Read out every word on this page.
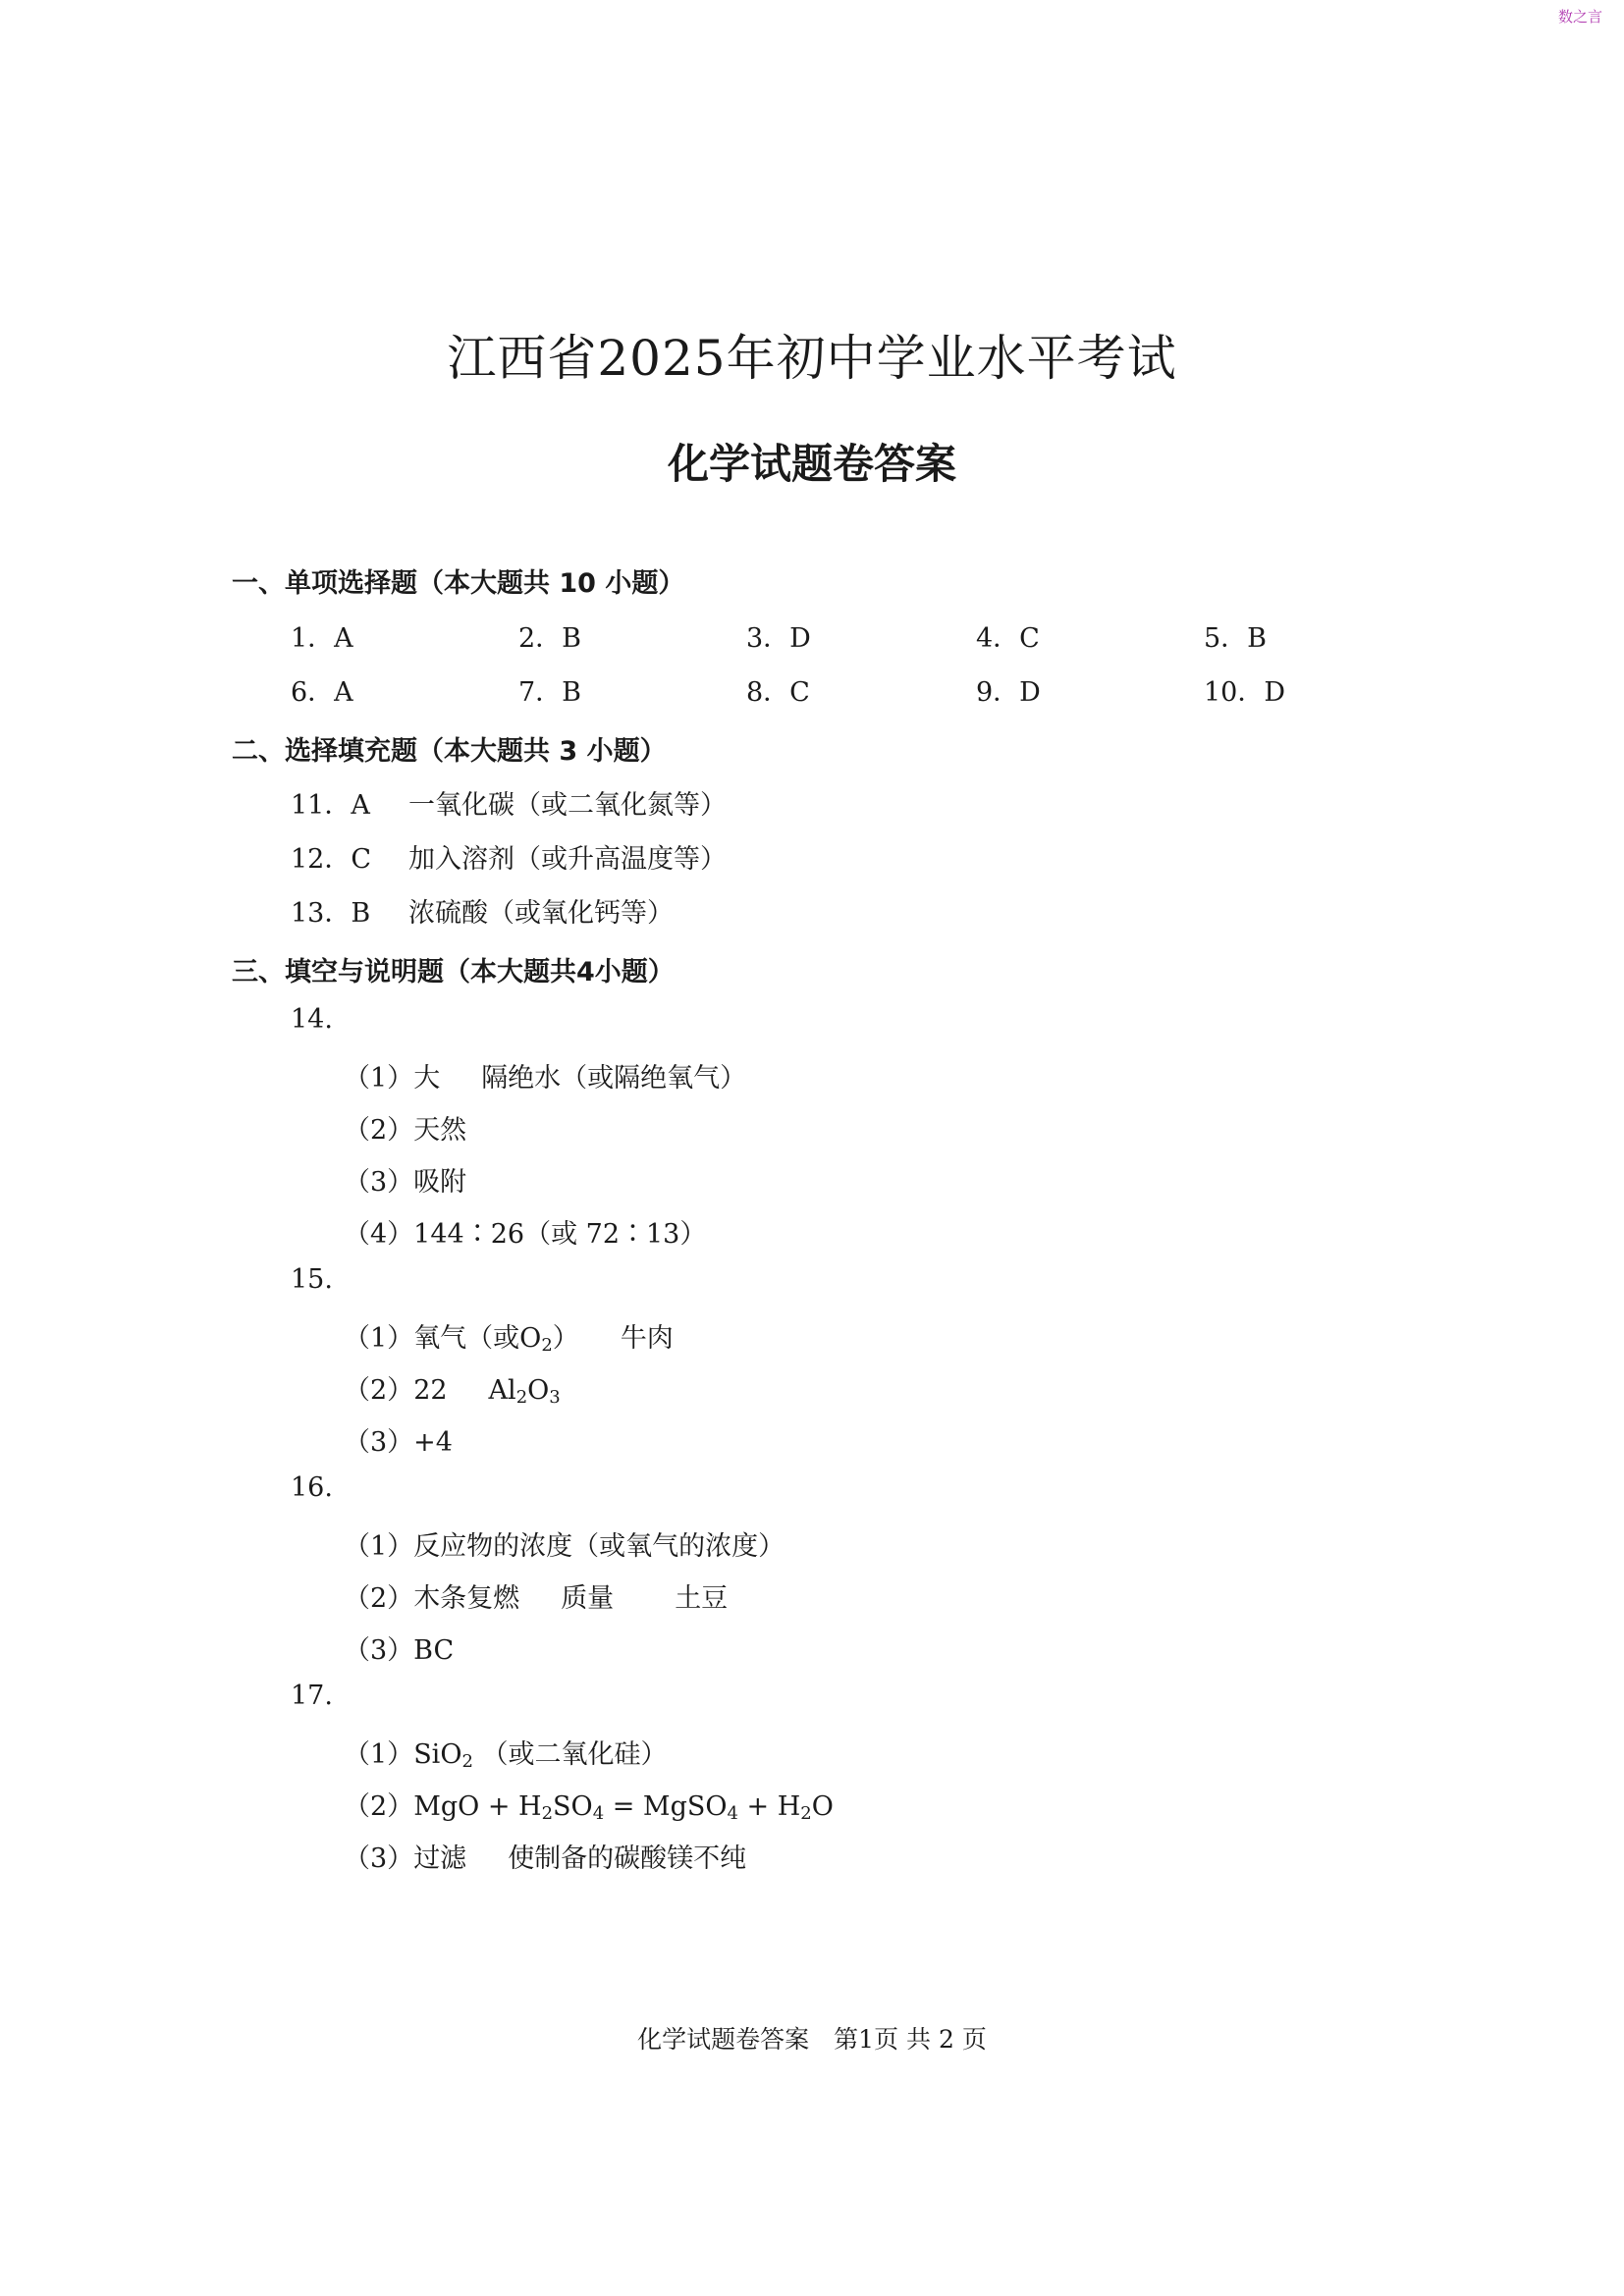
数之言
江西省2025年初中学业水平考试
化学试题卷答案
一、单项选择题（本大题共 10 小题）
1．A	2．B	3．D	4．C	5．B
6．A	7．B	8．C	9．D	10．D
二、选择填充题（本大题共 3 小题）
11．A 一氧化碳（或二氧化氮等）
12．C 加入溶剂（或升高温度等）
13．B 浓硫酸（或氧化钙等）
三、填空与说明题（本大题共4小题）
14.
（1）大 隔绝水（或隔绝氧气）
（2）天然
（3）吸附
（4）144∶26（或 72∶13）
15.
（1）氧气（或$O_2$） 牛肉
（2）22 $Al_2O_3$
（3）+4
16.
（1）反应物的浓度（或氧气的浓度）
（2）木条复燃 质量 土豆
（3）BC
17.
（1）SiO$_2$ （或二氧化硅）
$(2)MgO + H_2SO_4$ = MgSO$_4$ + $H_2O$
（3）过滤 使制备的碳酸镁不纯
化学试题卷答案　第1页 共 2 页
